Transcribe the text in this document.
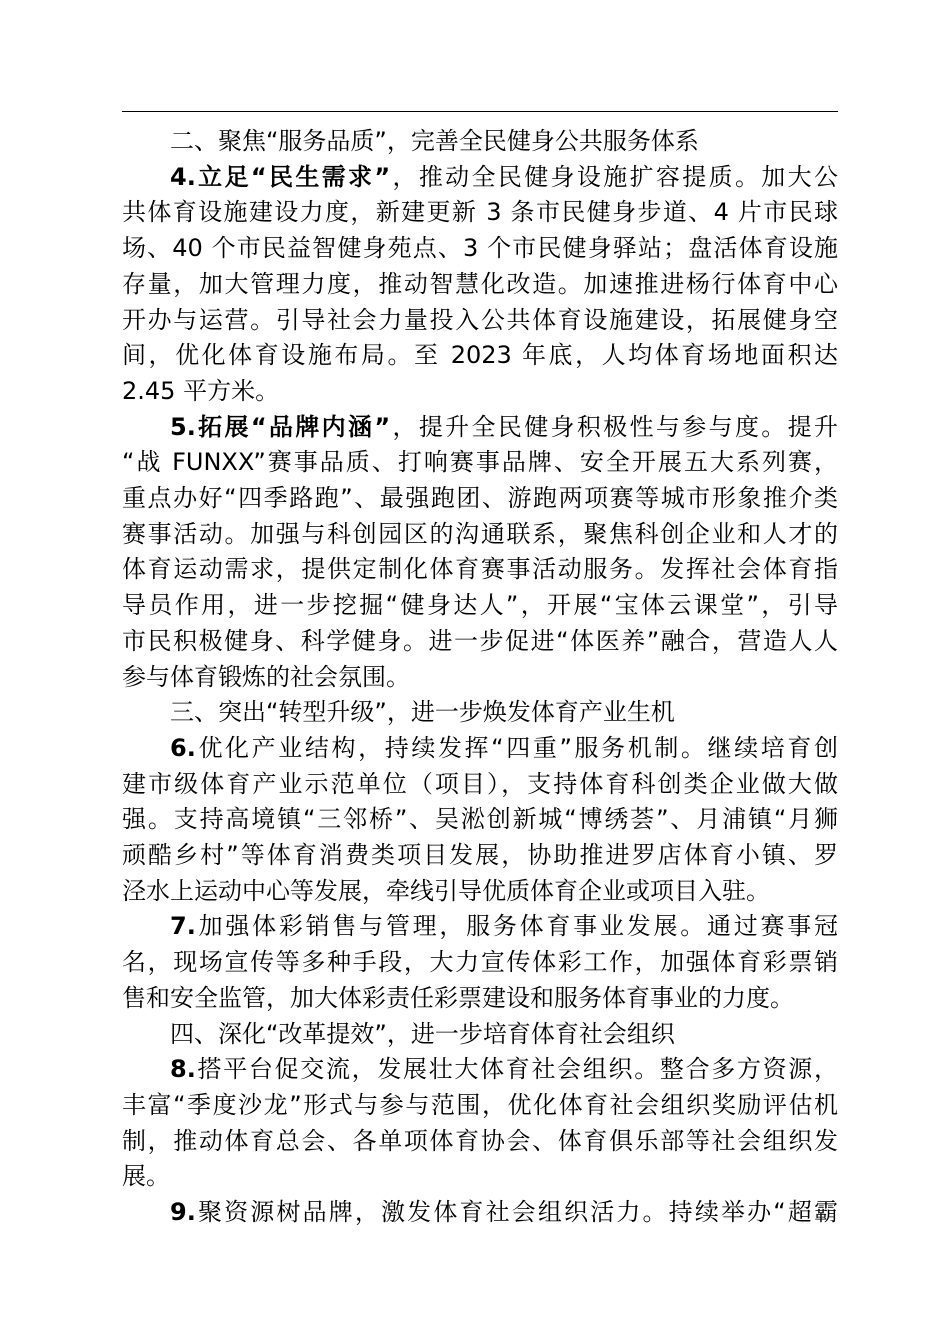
二、聚焦“服务品质”，完善全民健身公共服务体系

4.立足“民生需求”，推动全民健身设施扩容提质。加大公
共体育设施建设力度，新建更新 3 条市民健身步道、4 片市民球
场、40 个市民益智健身苑点、3 个市民健身驿站；盘活体育设施
存量，加大管理力度，推动智慧化改造。加速推进杨行体育中心
开办与运营。引导社会力量投入公共体育设施建设，拓展健身空
间，优化体育设施布局。至 2023 年底，人均体育场地面积达
2.45 平方米。

5.拓展“品牌内涵”，提升全民健身积极性与参与度。提升
“战 FUNXX”赛事品质、打响赛事品牌、安全开展五大系列赛，
重点办好“四季路跑”、最强跑团、游跑两项赛等城市形象推介类
赛事活动。加强与科创园区的沟通联系，聚焦科创企业和人才的
体育运动需求，提供定制化体育赛事活动服务。发挥社会体育指
导员作用，进一步挖掘“健身达人”，开展“宝体云课堂”，引导
市民积极健身、科学健身。进一步促进“体医养”融合，营造人人
参与体育锻炼的社会氛围。

三、突出“转型升级”，进一步焕发体育产业生机

6.优化产业结构，持续发挥“四重”服务机制。继续培育创
建市级体育产业示范单位（项目），支持体育科创类企业做大做
强。支持高境镇“三邻桥”、吴淞创新城“博绣荟”、月浦镇“月狮
顽酷乡村”等体育消费类项目发展，协助推进罗店体育小镇、罗
泾水上运动中心等发展，牵线引导优质体育企业或项目入驻。

7.加强体彩销售与管理，服务体育事业发展。通过赛事冠
名，现场宣传等多种手段，大力宣传体彩工作，加强体育彩票销
售和安全监管，加大体彩责任彩票建设和服务体育事业的力度。

四、深化“改革提效”，进一步培育体育社会组织

8.搭平台促交流，发展壮大体育社会组织。整合多方资源，
丰富“季度沙龙”形式与参与范围，优化体育社会组织奖励评估机
制，推动体育总会、各单项体育协会、体育俱乐部等社会组织发
展。

9.聚资源树品牌，激发体育社会组织活力。持续举办“超霸
